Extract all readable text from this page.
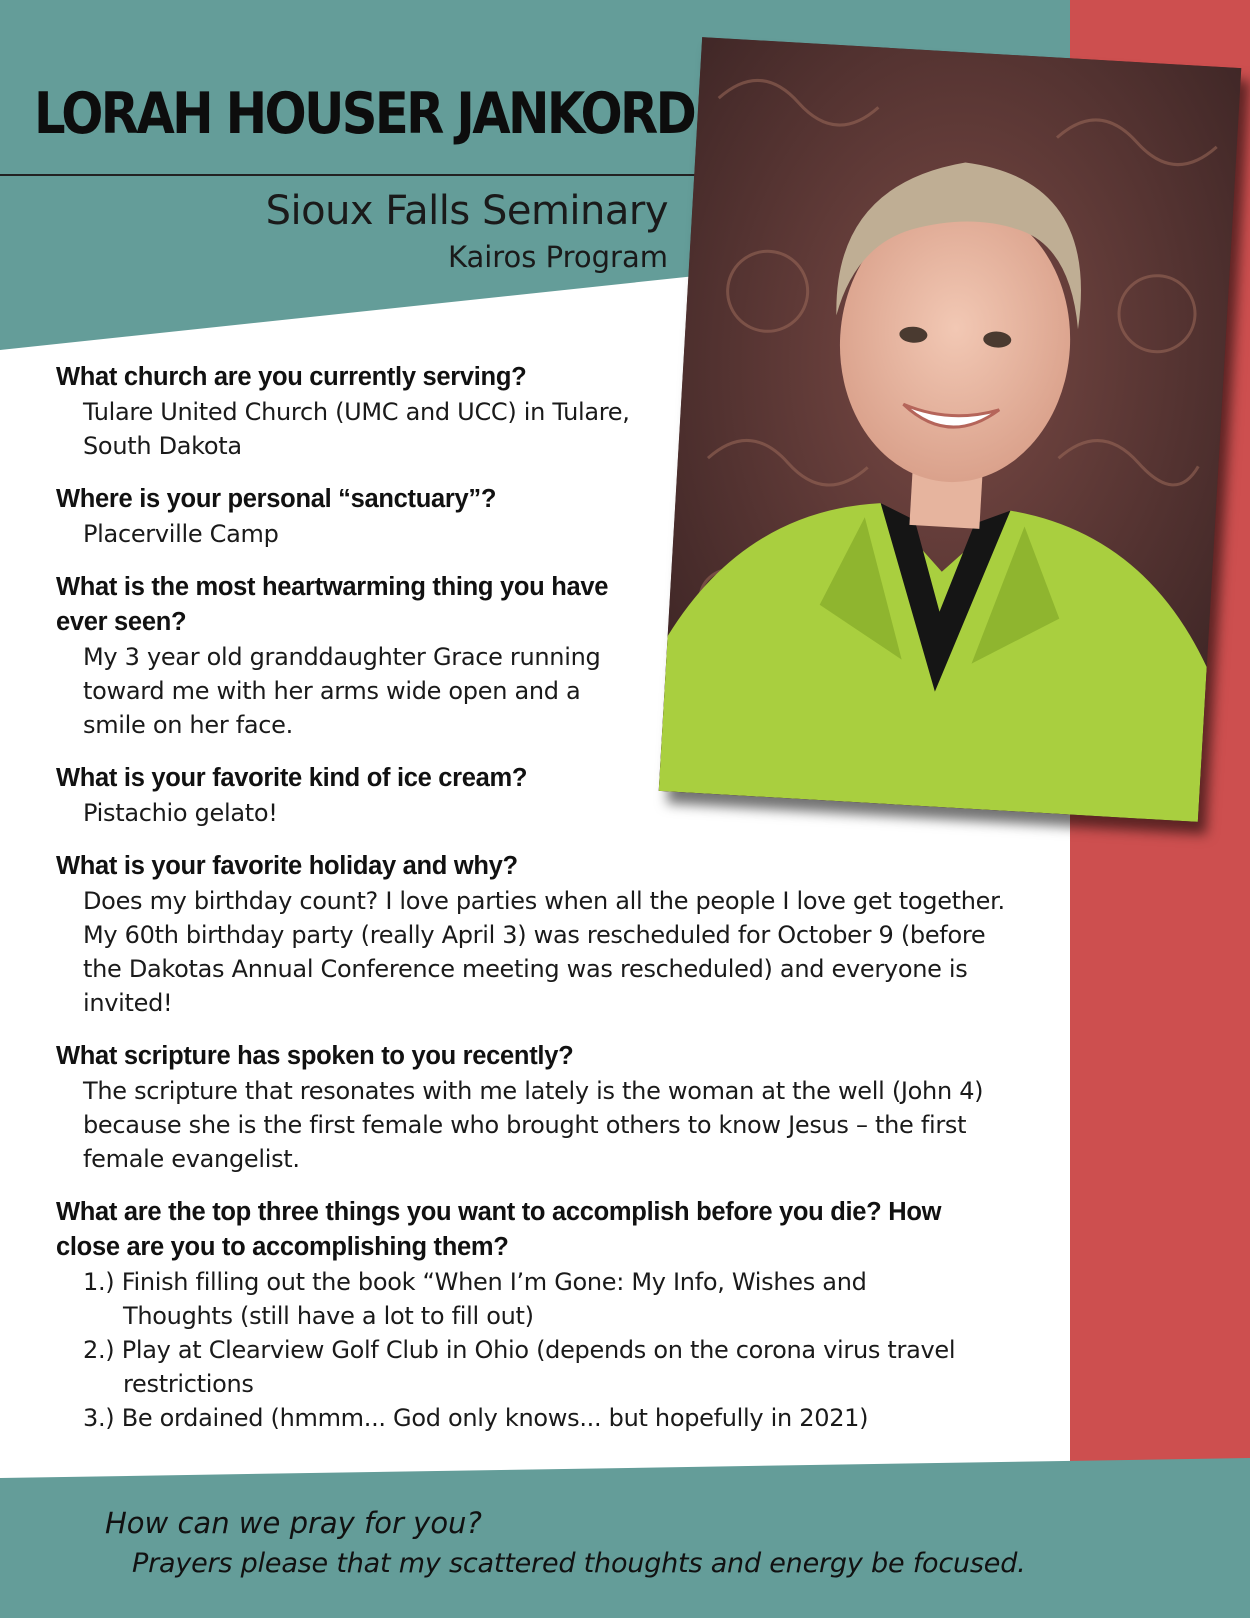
LORAH HOUSER JANKORD
Sioux Falls Seminary
Kairos Program
What church are you currently serving?
Tulare United Church (UMC and UCC) in Tulare, South Dakota
Where is your personal “sanctuary”?
Placerville Camp
What is the most heartwarming thing you have ever seen?
My 3 year old granddaughter Grace running toward me with her arms wide open and a smile on her face.
What is your favorite kind of ice cream?
Pistachio gelato!
What is your favorite holiday and why?
Does my birthday count? I love parties when all the people I love get together. My 60th birthday party (really April 3) was rescheduled for October 9 (before the Dakotas Annual Conference meeting was rescheduled) and everyone is invited!
What scripture has spoken to you recently?
The scripture that resonates with me lately is the woman at the well (John 4) because she is the first female who brought others to know Jesus – the first female evangelist.
What are the top three things you want to accomplish before you die? How close are you to accomplishing them?
1.) Finish filling out the book “When I’m Gone: My Info, Wishes and Thoughts (still have a lot to fill out)
2.) Play at Clearview Golf Club in Ohio (depends on the corona virus travel restrictions
3.) Be ordained (hmmm... God only knows... but hopefully in 2021)
How can we pray for you?
Prayers please that my scattered thoughts and energy be focused.
